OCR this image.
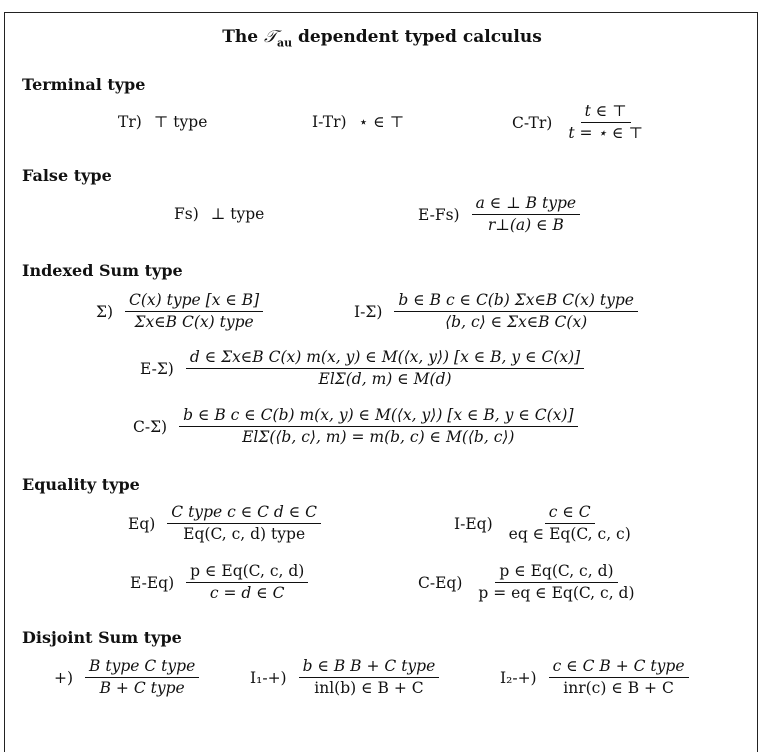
The 𝒯$_{au}$ dependent typed calculus
Terminal type
Tr) ⊤ type	I-Tr) ⋆ ∈ ⊤	$C-Tr) \frac{t \in ⊤}{t = ⋆ \in ⊤}$
False type
Fs) ⊥ type	$E-Fs) \frac{\text{a ∈ ⊥ B type}}{r\perp(a) \in B}$
Indexed Sum type
$\Sigma) \frac{\text{C(x) type [x ∈ B]}}{\text{Σx∈B C(x) type}}$	$I-\Sigma) \frac{\text{b ∈ B c ∈ C(b) Σx∈B C(x) type}}{\text{⟨b, c⟩ ∈ Σx∈B C(x)}}$
$E-\Sigma) \frac{\text{d ∈ Σx∈B C(x) m(x, y) ∈ M(⟨x, y⟩) [x ∈ B, y ∈ C(x)]}}{\text{ElΣ(d, m) ∈ M(d)}}$
$C-\Sigma) \frac{\text{b ∈ B c ∈ C(b) m(x, y) ∈ M(⟨x, y⟩) [x ∈ B, y ∈ C(x)]}}{\text{ElΣ(⟨b, c⟩, m) = m(b, c) ∈ M(⟨b, c⟩)}}$
Equality type
$Eq) \frac{\text{C type c ∈ C d ∈ C}}{\text{Eq(C, c, d) type}}$	$I-Eq) \frac{c \in C}{eq \in Eq(C, c, c)}$
$E-Eq) \frac{p \in Eq(C, c, d)}{c = d \in C}$	$C-Eq) \frac{p \in Eq(C, c, d)}{p = eq \in Eq(C, c, d)}$
Disjoint Sum type
+) $\frac{\text{B type C type}}{\text{B + C type}}$	$I_1-+) \frac{\text{b ∈ B B + C type}}{\text{inl(b) ∈ B + C}}$	$I_2-+) \frac{\text{c ∈ C B + C type}}{\text{inr(c) ∈ B + C}}$
